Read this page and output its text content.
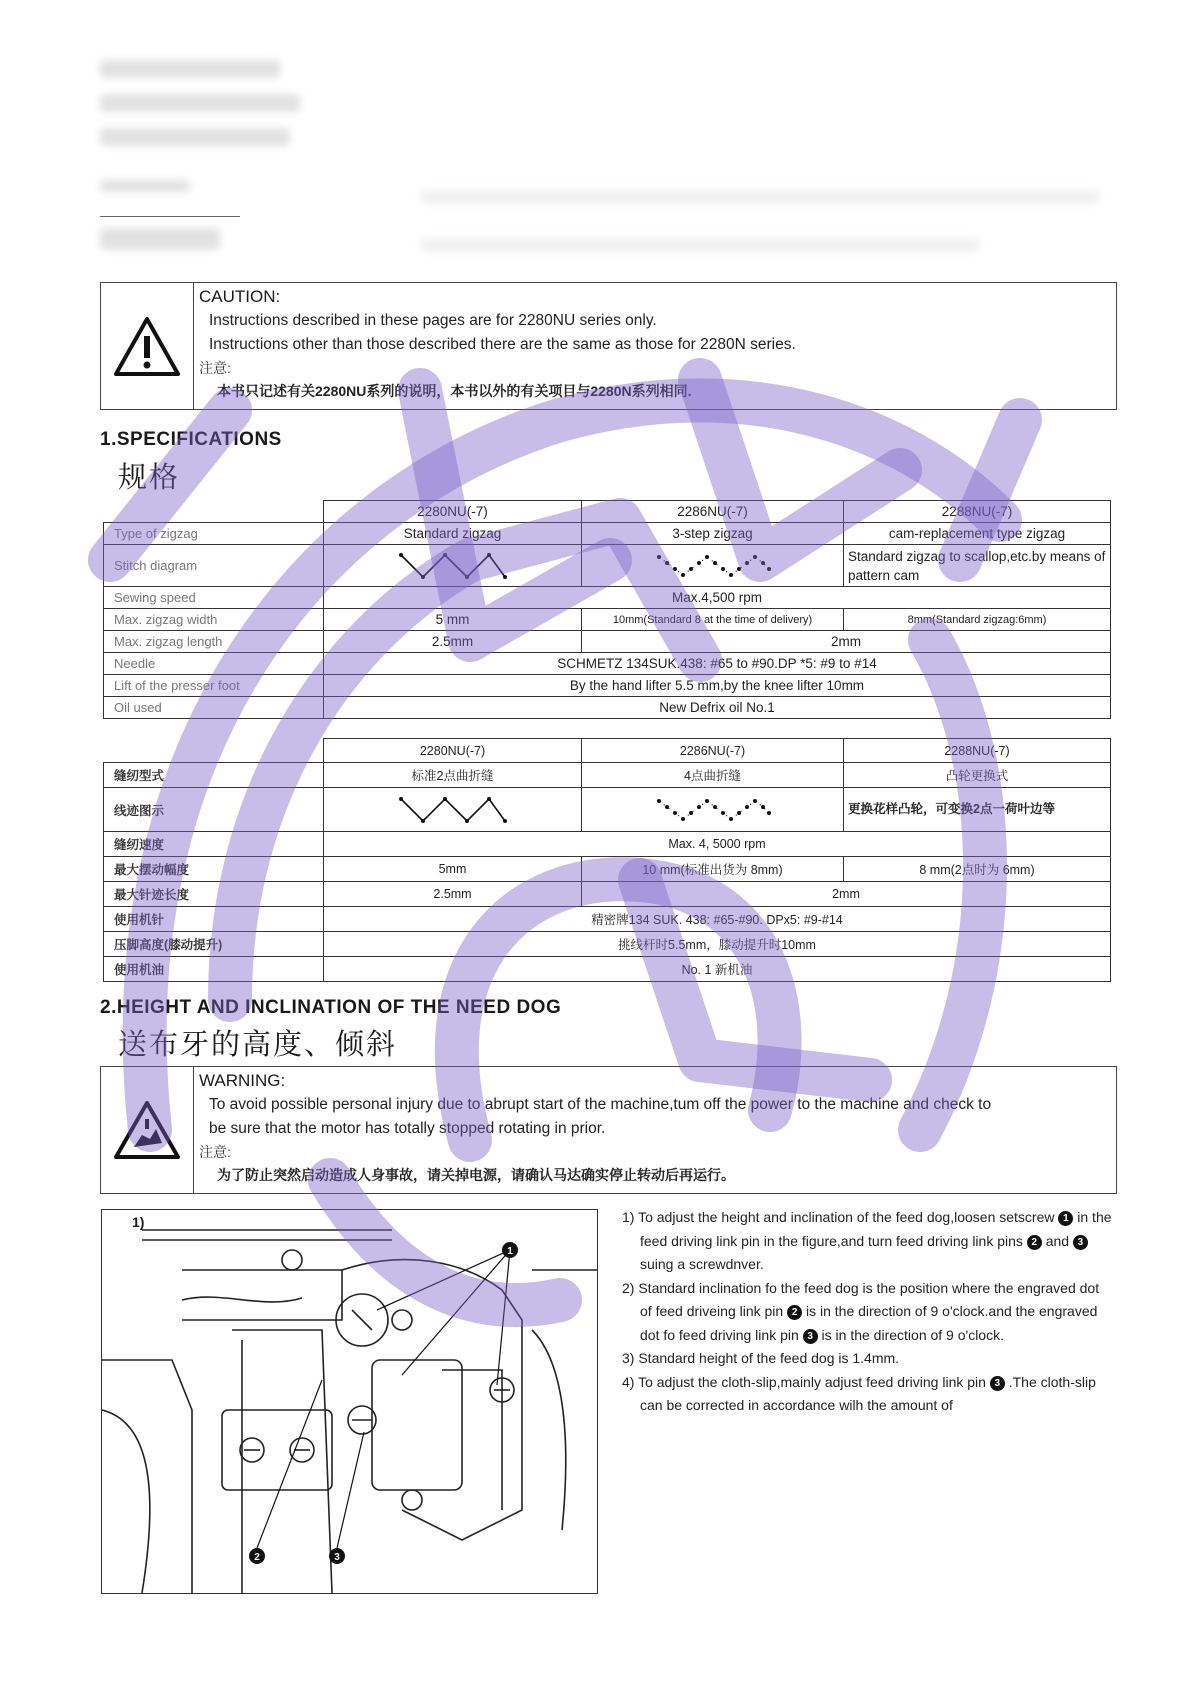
CAUTION:
Instructions described in these pages are for 2280NU series only.
Instructions other than those described there are the same as those for 2280N series.
注意:
本书只记述有关2280NU系列的说明，本书以外的有关项目与2280N系列相同.
1.SPECIFICATIONS
规格
	2280NU(-7)	2286NU(-7)	2288NU(-7)
Type of zigzag	Standard zigzag	3-step zigzag	cam-replacement type zigzag
Stitch diagram			Standard zigzag to scallop,etc.by means of pattern cam
Sewing speed	Max.4,500 rpm		
Max. zigzag width	5 mm	10mm(Standard 8 at the time of delivery)	8mm(Standard zigzag:6mm)
Max. zigzag length	2.5mm	2mm	
Needle	SCHMETZ 134SUK.438: #65 to #90.DP *5: #9 to #14		
Lift of the presser foot	By the hand lifter 5.5 mm,by the knee lifter 10mm		
Oil used	New Defrix oil No.1		
	2280NU(-7)	2286NU(-7)	2288NU(-7)
缝纫型式	标准2点曲折缝	4点曲折缝	凸轮更换式
线迹图示			更换花样凸轮，可变换2点一荷叶边等
缝纫速度	Max. 4, 5000 rpm		
最大摆动幅度	5mm	10 mm(标准出货为 8mm)	8 mm(2点时为 6mm)
最大针迹长度	2.5mm	2mm	
使用机针	精密牌134 SUK. 438: #65-#90. DPx5: #9-#14		
压脚高度(膝动提升)	挑线杆时5.5mm，膝动提升时10mm		
使用机油	No. 1 新机油		
2.HEIGHT AND INCLINATION OF THE NEED DOG
送布牙的高度、倾斜
WARNING:
To avoid possible personal injury due to abrupt start of the machine,tum off the power to the machine and check to
be sure that the motor has totally stopped rotating in prior.
注意:
为了防止突然启动造成人身事故，请关掉电源，请确认马达确实停止转动后再运行。
1)
1
2	3
1) To adjust the height and inclination of the feed dog,loosen setscrew 1 in the feed driving link pin in the figure,and turn feed driving link pins 2 and 3 suing a screwdnver.
2) Standard inclination fo the feed dog is the position where the engraved dot of feed driveing link pin 2 is in the direction of 9 o'clock.and the engraved dot fo feed driving link pin 3 is in the direction of 9 o'clock.
3) Standard height of the feed dog is 1.4mm.
4) To adjust the cloth-slip,mainly adjust feed driving link pin 3 .The cloth-slip can be corrected in accordance wilh the amount of
